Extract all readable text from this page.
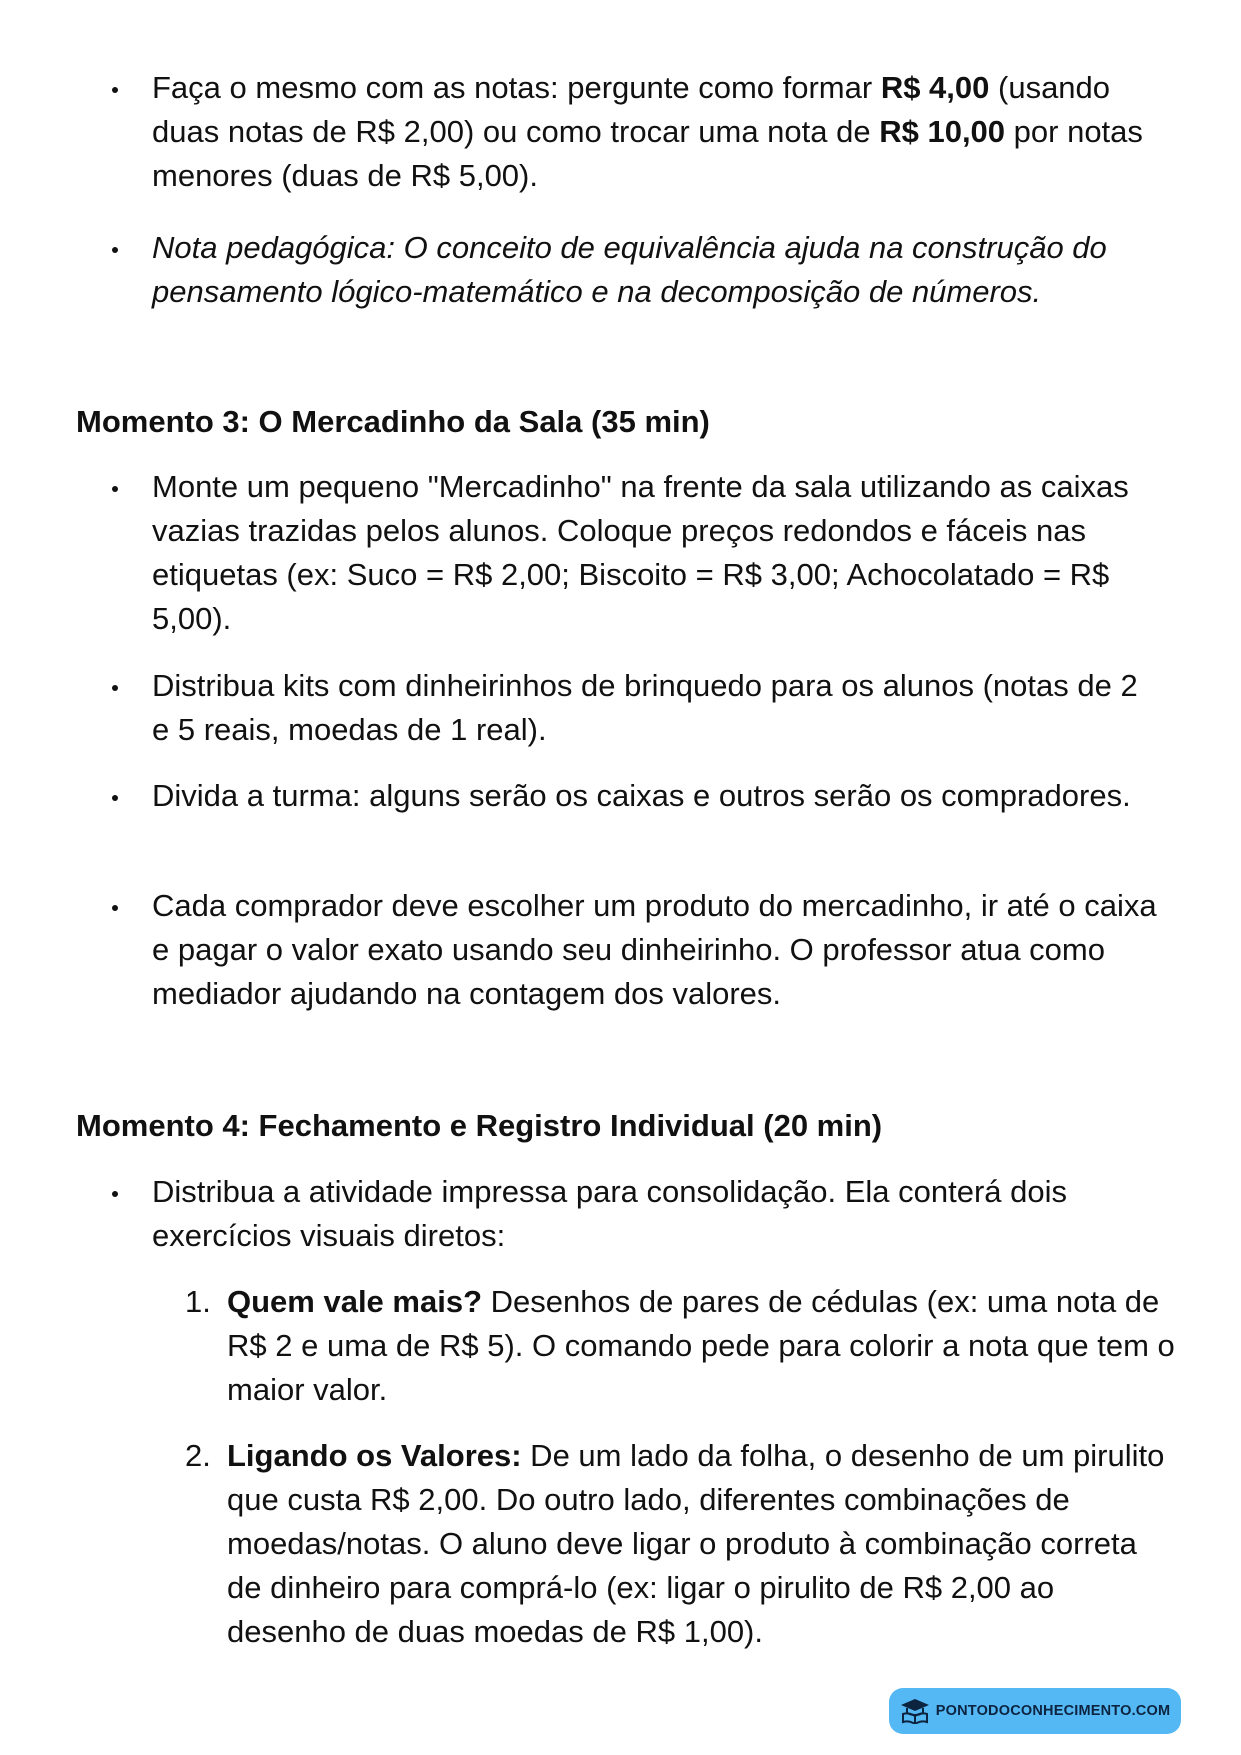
Faça o mesmo com as notas: pergunte como formar R$ 4,00 (usando duas notas de R$ 2,00) ou como trocar uma nota de R$ 10,00 por notas menores (duas de R$ 5,00).
Nota pedagógica: O conceito de equivalência ajuda na construção do pensamento lógico-matemático e na decomposição de números.
Momento 3: O Mercadinho da Sala (35 min)
Monte um pequeno "Mercadinho" na frente da sala utilizando as caixas vazias trazidas pelos alunos. Coloque preços redondos e fáceis nas etiquetas (ex: Suco = R$ 2,00; Biscoito = R$ 3,00; Achocolatado = R$ 5,00).
Distribua kits com dinheirinhos de brinquedo para os alunos (notas de 2 e 5 reais, moedas de 1 real).
Divida a turma: alguns serão os caixas e outros serão os compradores.
Cada comprador deve escolher um produto do mercadinho, ir até o caixa e pagar o valor exato usando seu dinheirinho. O professor atua como mediador ajudando na contagem dos valores.
Momento 4: Fechamento e Registro Individual (20 min)
Distribua a atividade impressa para consolidação. Ela conterá dois exercícios visuais diretos:
1. Quem vale mais? Desenhos de pares de cédulas (ex: uma nota de R$ 2 e uma de R$ 5). O comando pede para colorir a nota que tem o maior valor.
2. Ligando os Valores: De um lado da folha, o desenho de um pirulito que custa R$ 2,00. Do outro lado, diferentes combinações de moedas/notas. O aluno deve ligar o produto à combinação correta de dinheiro para comprá-lo (ex: ligar o pirulito de R$ 2,00 ao desenho de duas moedas de R$ 1,00).
PONTODOCONHECIMENTO.COM
